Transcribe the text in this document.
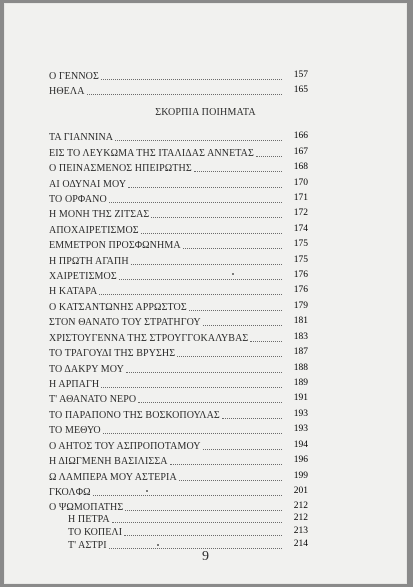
Ο ΓΕΝΝΟΣ	157
ΗΘΕΛΑ	165
ΣΚΟΡΠΙΑ ΠΟΙΗΜΑΤΑ
ΤΑ ΓΙΑΝΝΙΝΑ	166
ΕΙΣ ΤΟ ΛΕΥΚΩΜΑ ΤΗΣ ΙΤΑΛΙΔΑΣ ΑΝΝΕΤΑΣ	167
Ο ΠΕΙΝΑΣΜΕΝΟΣ ΗΠΕΙΡΩΤΗΣ	168
ΑΙ ΟΔΥΝΑΙ ΜΟΥ	170
ΤΟ ΟΡΦΑΝΟ	171
Η ΜΟΝΗ ΤΗΣ ΖΙΤΣΑΣ	172
ΑΠΟΧΑΙΡΕΤΙΣΜΟΣ	174
ΕΜΜΕΤΡΟΝ ΠΡΟΣΦΩΝΗΜΑ	175
Η ΠΡΩΤΗ ΑΓΑΠΗ	175
ΧΑΙΡΕΤΙΣΜΟΣ	176
Η ΚΑΤΑΡΑ	176
Ο ΚΑΤΣΑΝΤΩΝΗΣ ΑΡΡΩΣΤΟΣ	179
ΣΤΟΝ ΘΑΝΑΤΟ ΤΟΥ ΣΤΡΑΤΗΓΟΥ	181
ΧΡΙΣΤΟΥΓΕΝΝΑ ΤΗΣ ΣΤΡΟΥΓΓΟΚΑΛΥΒΑΣ	183
ΤΟ ΤΡΑΓΟΥΔΙ ΤΗΣ ΒΡΥΣΗΣ	187
ΤΟ ΔΑΚΡΥ ΜΟΥ	188
Η ΑΡΠΑΓΗ	189
Τ' ΑΘΑΝΑΤΟ ΝΕΡΟ	191
ΤΟ ΠΑΡΑΠΟΝΟ ΤΗΣ ΒΟΣΚΟΠΟΥΛΑΣ	193
ΤΟ ΜΕΘΥΟ	193
Ο ΑΗΤΟΣ ΤΟΥ ΑΣΠΡΟΠΟΤΑΜΟΥ	194
Η ΔΙΩΓΜΕΝΗ ΒΑΣΙΛΙΣΣΑ	196
Ω ΛΑΜΠΕΡΑ ΜΟΥ ΑΣΤΕΡΙΑ	199
ΓΚΟΛΦΩ	201
Ο ΨΩΜΟΠΑΤΗΣ	212
Η ΠΕΤΡΑ	212
ΤΟ ΚΟΠΕΛΙ	213
Τ' ΑΣΤΡΙ	214
9
